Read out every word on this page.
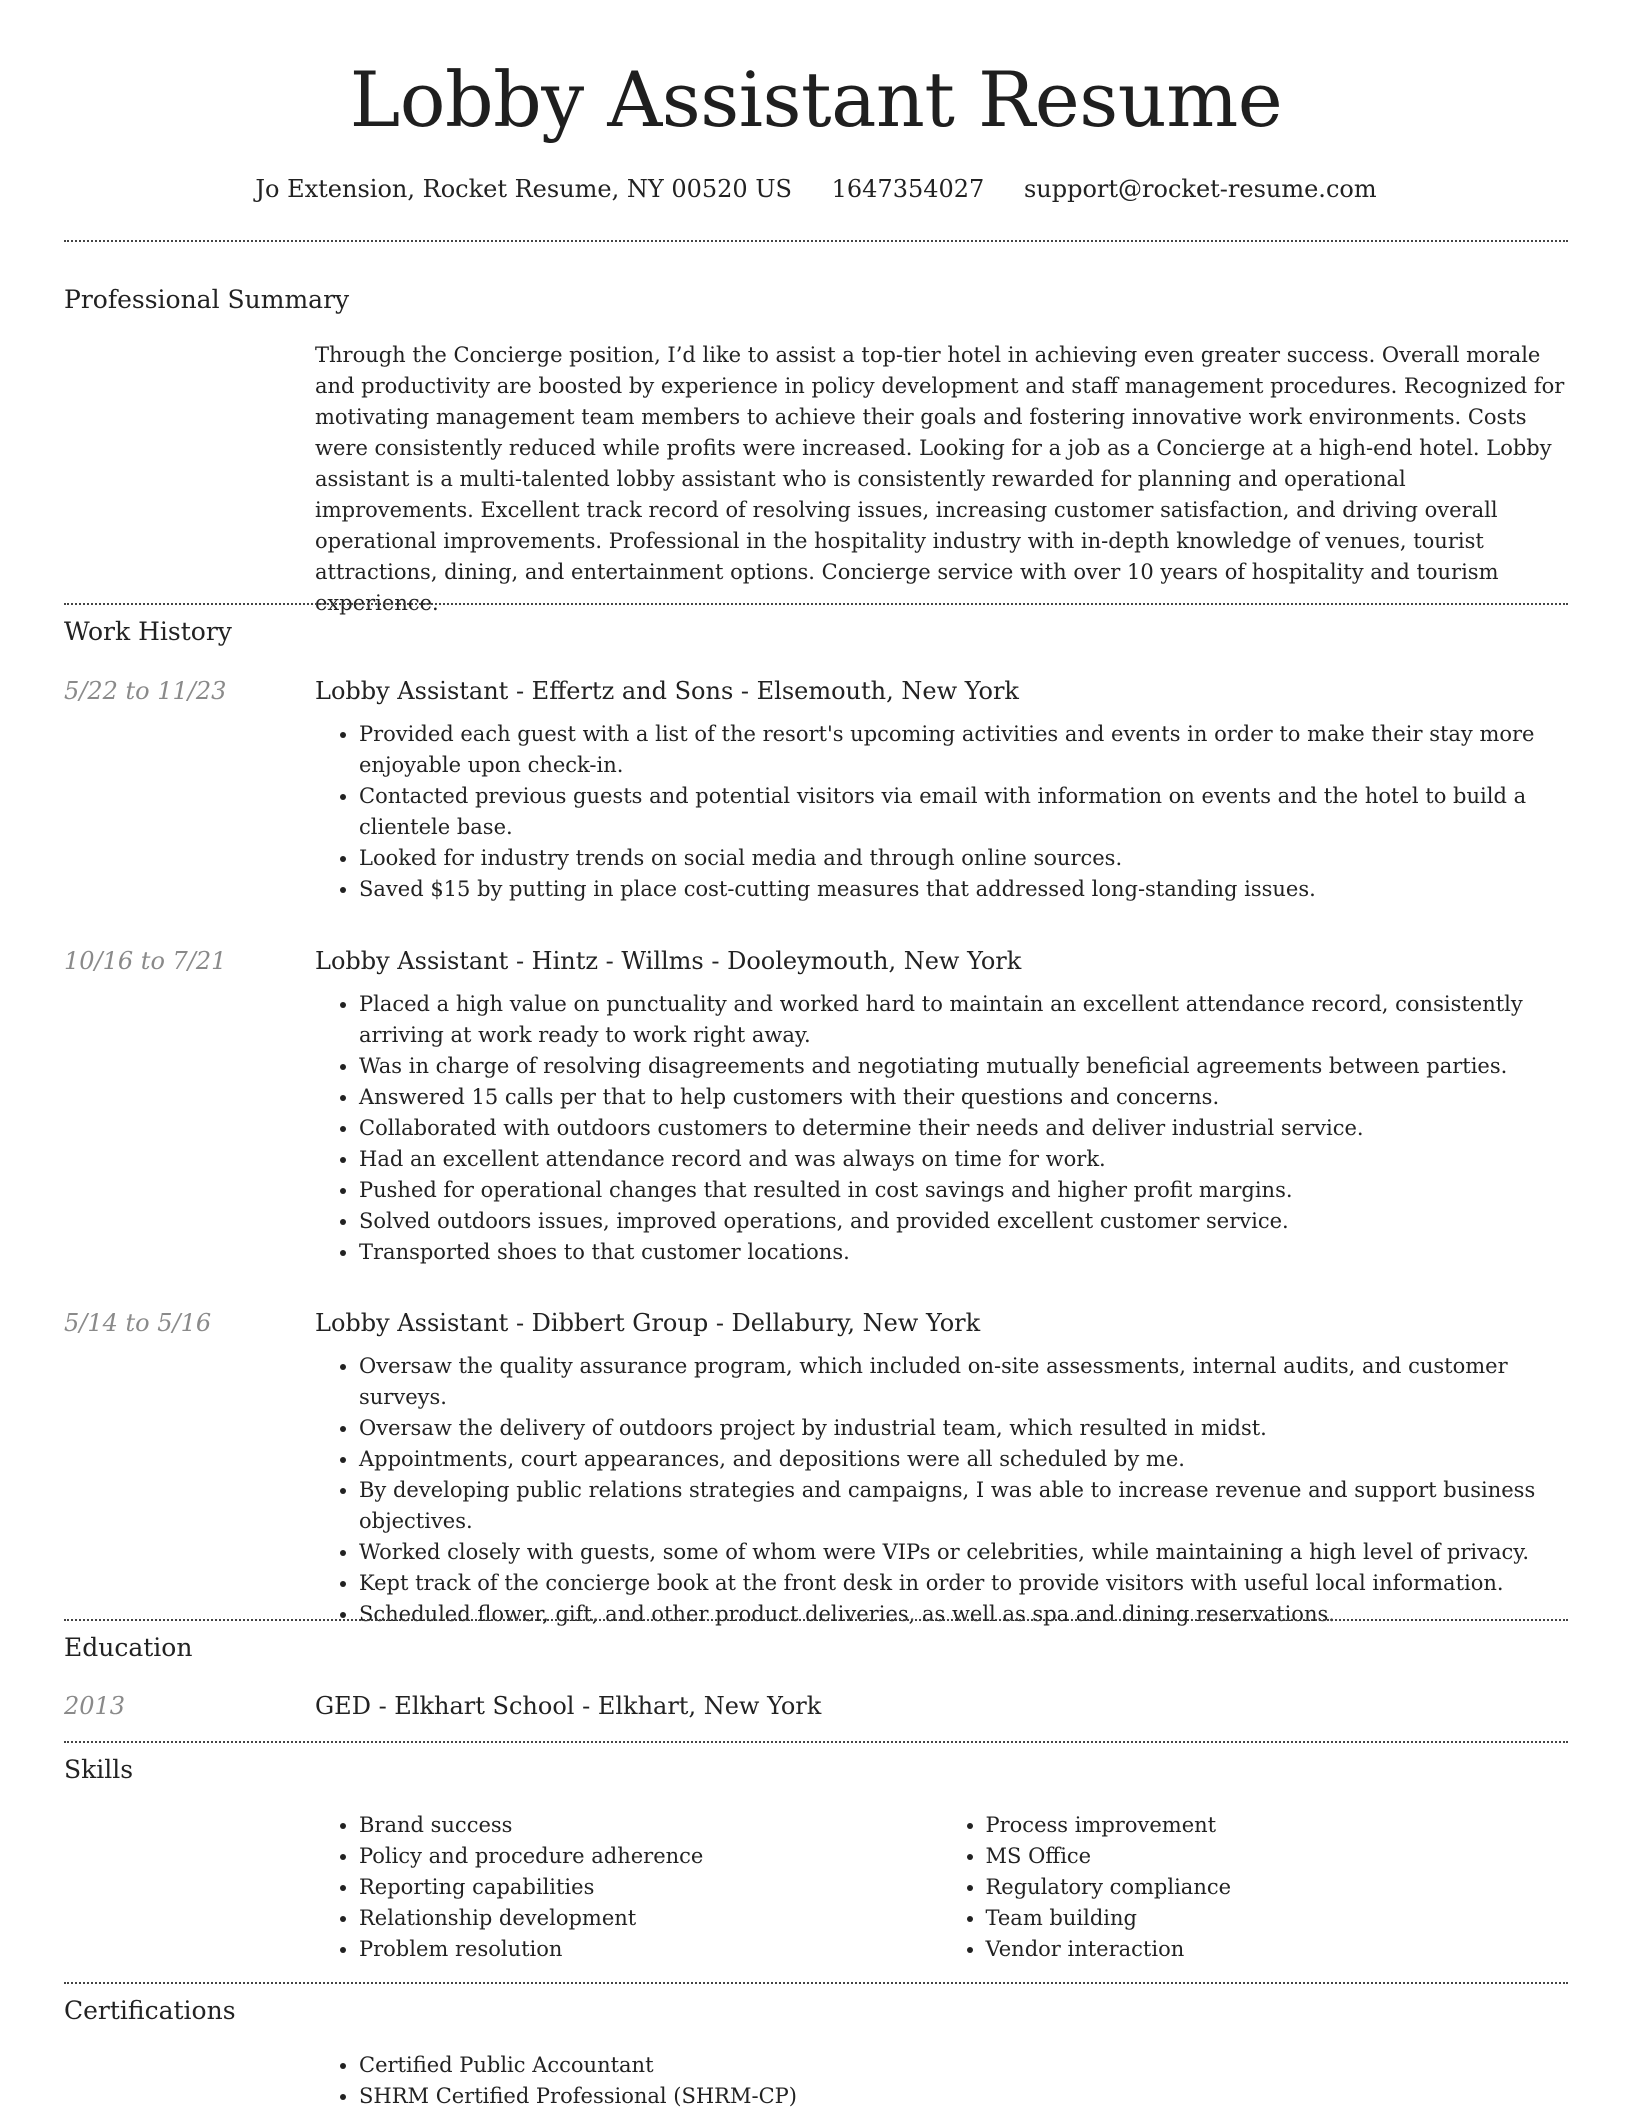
Lobby Assistant Resume
Jo Extension, Rocket Resume, NY 00520 US 1647354027 support@rocket-resume.com
Professional Summary
Through the Concierge position, I’d like to assist a top-tier hotel in achieving even greater success. Overall morale and productivity are boosted by experience in policy development and staff management procedures. Recognized for motivating management team members to achieve their goals and fostering innovative work environments. Costs were consistently reduced while profits were increased. Looking for a job as a Concierge at a high-end hotel. Lobby assistant is a multi-talented lobby assistant who is consistently rewarded for planning and operational improvements. Excellent track record of resolving issues, increasing customer satisfaction, and driving overall operational improvements. Professional in the hospitality industry with in-depth knowledge of venues, tourist attractions, dining, and entertainment options. Concierge service with over 10 years of hospitality and tourism experience.
Work History
5/22 to 11/23	Lobby Assistant - Effertz and Sons - Elsemouth, New York
• Provided each guest with a list of the resort's upcoming activities and events in order to make their stay more enjoyable upon check-in.
• Contacted previous guests and potential visitors via email with information on events and the hotel to build a clientele base.
• Looked for industry trends on social media and through online sources.
• Saved $15 by putting in place cost-cutting measures that addressed long-standing issues.
10/16 to 7/21	Lobby Assistant - Hintz - Willms - Dooleymouth, New York
• Placed a high value on punctuality and worked hard to maintain an excellent attendance record, consistently arriving at work ready to work right away.
• Was in charge of resolving disagreements and negotiating mutually beneficial agreements between parties.
• Answered 15 calls per that to help customers with their questions and concerns.
• Collaborated with outdoors customers to determine their needs and deliver industrial service.
• Had an excellent attendance record and was always on time for work.
• Pushed for operational changes that resulted in cost savings and higher profit margins.
• Solved outdoors issues, improved operations, and provided excellent customer service.
• Transported shoes to that customer locations.
5/14 to 5/16	Lobby Assistant - Dibbert Group - Dellabury, New York
• Oversaw the quality assurance program, which included on-site assessments, internal audits, and customer surveys.
• Oversaw the delivery of outdoors project by industrial team, which resulted in midst.
• Appointments, court appearances, and depositions were all scheduled by me.
• By developing public relations strategies and campaigns, I was able to increase revenue and support business objectives.
• Worked closely with guests, some of whom were VIPs or celebrities, while maintaining a high level of privacy.
• Kept track of the concierge book at the front desk in order to provide visitors with useful local information.
• Scheduled flower, gift, and other product deliveries, as well as spa and dining reservations.
Education
2013	GED - Elkhart School - Elkhart, New York
Skills
• Brand success
• Policy and procedure adherence
• Reporting capabilities
• Relationship development
• Problem resolution
• Process improvement
• MS Office
• Regulatory compliance
• Team building
• Vendor interaction
Certifications
• Certified Public Accountant
• SHRM Certified Professional (SHRM-CP)
